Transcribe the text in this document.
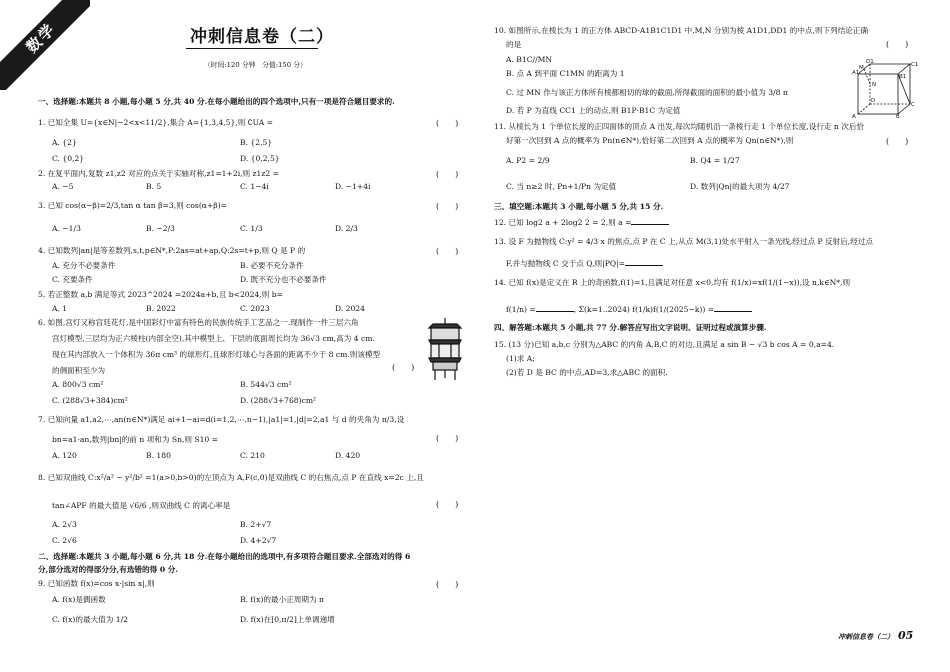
数学	冲刺信息卷（二）
（时间:120 分钟　分值:150 分）
一、选择题:本题共 8 小题,每小题 5 分,共 40 分.在每小题给出的四个选项中,只有一项是符合题目要求的.
1. 已知全集 U={x∈N|−2<x<11/2},集合 A={1,3,4,5},则 ∁UA =	(　　)
A. {2}	B. {2,5}
C. {0,2}	D. {0,2,5}
2. 在复平面内,复数 z1,z2 对应的点关于实轴对称,z1=1+2i,则 z1z2 =	(　　)
A. −5	B. 5	C. 1−4i	D. −1+4i
3. 已知 cos(α−β)=2/3,tan α tan β=3,则 cos(α+β)=	(　　)
A. −1/3	B. −2/3	C. 1/3	D. 2/3
4. 已知数列|an|是等差数列,s,t,p∈N*,P:2as=at+ap,Q:2s=t+p,则 Q 是 P 的	(　　)
A. 充分不必要条件	B. 必要不充分条件
C. 充要条件	D. 既不充分也不必要条件
5. 若正整数 a,b 满足等式 2023^2024 =2024a+b,且 b<2024,则 b=
A. 1	B. 2022	C. 2023	D. 2024
6. 如图,宫灯又称宫廷花灯,是中国彩灯中富有特色的民族传统手工艺品之一.现制作一件三层六角
宫灯模型,三层均为正六棱柱(内部全空),其中模型上、下层的底面周长均为 36√3 cm,高为 4 cm.
现在其内部放入一个体积为 36π cm³ 的球形灯,且球形灯球心与各面的距离不少于 8 cm.则该模型
的侧面积至少为	(　　)
A. 800√3 cm²	B. 544√3 cm²
C. (288√3+384)cm²	D. (288√3+768)cm²
7. 已知向量 a1,a2,⋯,an(n∈N*)满足 ai+1−ai=d(i=1,2,⋯,n−1),|a1|=1,|d|=2,a1 与 d 的夹角为 π/3,设
bn=a1·an,数列|bn|的前 n 项和为 Sn,则 S10 =	(　　)
A. 120	B. 180	C. 210	D. 420
8. 已知双曲线 C:x²/a² − y²/b² =1(a>0,b>0)的左顶点为 A,F(c,0)是双曲线 C 的右焦点,点 P 在直线 x=2c 上,且
tan∠APF 的最大值是 √6/6 ,则双曲线 C 的离心率是	(　　)
A. 2√3	B. 2+√7
C. 2√6	D. 4+2√7
二、选择题:本题共 3 小题,每小题 6 分,共 18 分.在每小题给出的选项中,有多项符合题目要求.全部选对的得 6
分,部分选对的得部分分,有选错的得 0 分.
9. 已知函数 f(x)=cos x·|sin x|,则	(　　)
A. f(x)是偶函数	B. f(x)的最小正周期为 π
C. f(x)的最大值为 1/2	D. f(x)在[0,π/2]上单调递增
10. 如图所示,在棱长为 1 的正方体 ABCD-A1B1C1D1 中,M,N 分别为棱 A1D1,DD1 的中点,则下列结论正确
的是	(　　)
A. B1C//MN
B. 点 A 到平面 C1MN 的距离为 1
C. 过 MN 作与该正方体所有棱都相切的球的截面,所得截面的面积的最小值为 3/8 π
D. 若 P 为直线 CC1 上的动点,则 B1P·B1C 为定值
D1	C1
A1
B1
M
N
A	B
C
D
11. 从棱长为 1 个单位长度的正四面体的顶点 A 出发,每次均随机沿一条棱行走 1 个单位长度,设行走 n 次后恰
好第一次回到 A 点的概率为 Pn(n∈N*),恰好第二次回到 A 点的概率为 Qn(n∈N*),则	(　　)
A. P2 = 2/9	B. Q4 = 1/27
C. 当 n≥2 时, Pn+1/Pn 为定值	D. 数列|Qn|的最大项为 4/27
三、填空题:本题共 3 小题,每小题 5 分,共 15 分.
12. 已知 log2 a + 2log2 2 = 2,则 a =
13. 设 F 为抛物线 C:y² = 4/3 x 的焦点,点 P 在 C 上,从点 M(3,1)处水平射入一条光线,经过点 P 反射后,经过点
F,并与抛物线 C 交于点 Q,则|PQ|=
14. 已知 f(x)是定义在 R 上的奇函数,f(1)=1,且满足对任意 x<0,均有 f(1/x)=xf(1/(1−x)),设 n,k∈N*,则
f(1/n) =	, Σ(k=1..2024) f(1/k)f(1/(2025−k)) =
四、解答题:本题共 5 小题,共 77 分.解答应写出文字说明、证明过程或演算步骤.
15. (13 分)已知 a,b,c 分别为△ABC 的内角 A,B,C 的对边,且满足 a sin B − √3 b cos A = 0,a=4.
(1)求 A;
(2)若 D 是 BC 的中点,AD=3,求△ABC 的面积.
冲刺信息卷（二） 05
